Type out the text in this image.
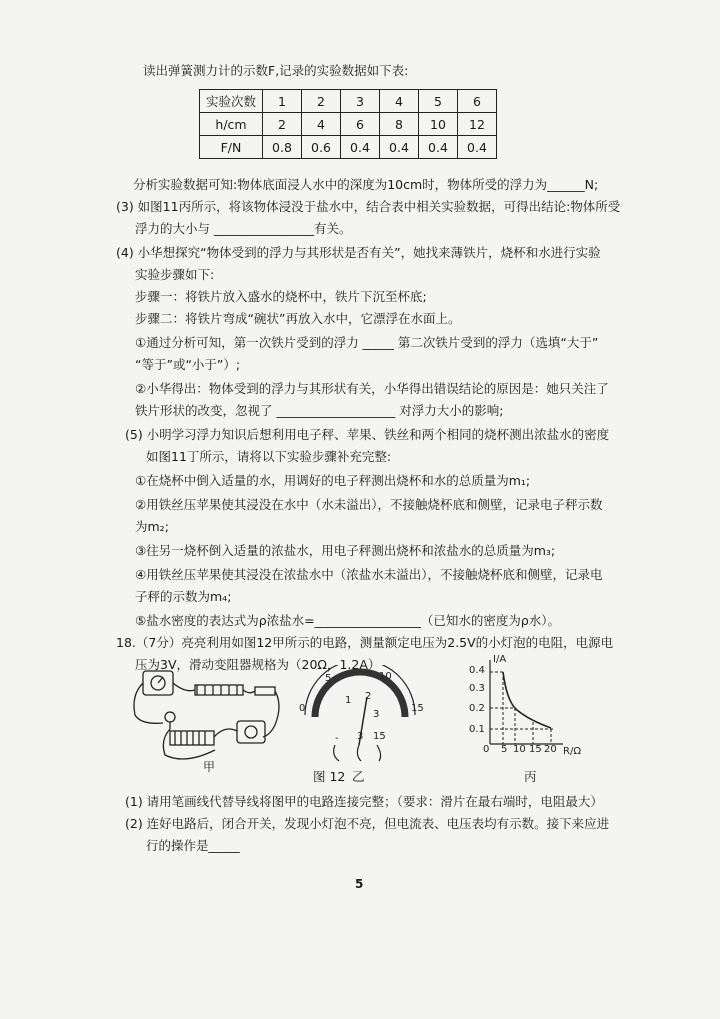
读出弹簧测力计的示数F,记录的实验数据如下表:
实验次数	1	2	3	4	5	6
h/cm	2	4	6	8	10	12
F/N	0.8	0.6	0.4	0.4	0.4	0.4
分析实验数据可知:物体底面浸人水中的深度为10cm时，物体所受的浮力为______N;
(3) 如图11丙所示，将该物体浸没于盐水中，结合表中相关实验数据，可得出结论:物体所受
浮力的大小与 ________________有关。
(4) 小华想探究“物体受到的浮力与其形状是否有关”，她找来薄铁片，烧杯和水进行实验
实验步骤如下:
步骤一：将铁片放入盛水的烧杯中，铁片下沉至杯底;
步骤二：将铁片弯成“碗状”再放入水中，它漂浮在水面上。
①通过分析可知，第一次铁片受到的浮力 _____ 第二次铁片受到的浮力（选填“大于”
“等于”或“小于”）;
②小华得出：物体受到的浮力与其形状有关，小华得出错误结论的原因是：她只关注了
铁片形状的改变，忽视了 ___________________ 对浮力大小的影响;
(5) 小明学习浮力知识后想利用电子秤、苹果、铁丝和两个相同的烧杯测出浓盐水的密度
如图11丁所示，请将以下实验步骤补充完整:
①在烧杯中倒入适量的水，用调好的电子秤测出烧杯和水的总质量为m₁;
②用铁丝压苹果使其浸没在水中（水未溢出），不接触烧杯底和侧壁，记录电子秤示数
为m₂;
③往另一烧杯倒入适量的浓盐水，用电子秤测出烧杯和浓盐水的总质量为m₃;
④用铁丝压苹果使其浸没在浓盐水中（浓盐水未溢出），不接触烧杯底和侧壁，记录电
子秤的示数为m₄;
⑤盐水密度的表达式为ρ浓盐水=_________________（已知水的密度为ρ水）。
18.（7分）亮亮利用如图12甲所示的电路，测量额定电压为2.5V的小灯泡的电阻，电源电
压为3V，滑动变阻器规格为（20Ω，1.2A）
甲
0
5	10
15
1 2
3
- 3 15
图 12 乙
I/A
R/Ω
0.1
0.2
0.3
0.4
0 5 10 15 20
丙
(1) 请用笔画线代替导线将图甲的电路连接完整；（要求：滑片在最右端时，电阻最大）
(2) 连好电路后，闭合开关，发现小灯泡不亮，但电流表、电压表均有示数。接下来应进
行的操作是_____
5
